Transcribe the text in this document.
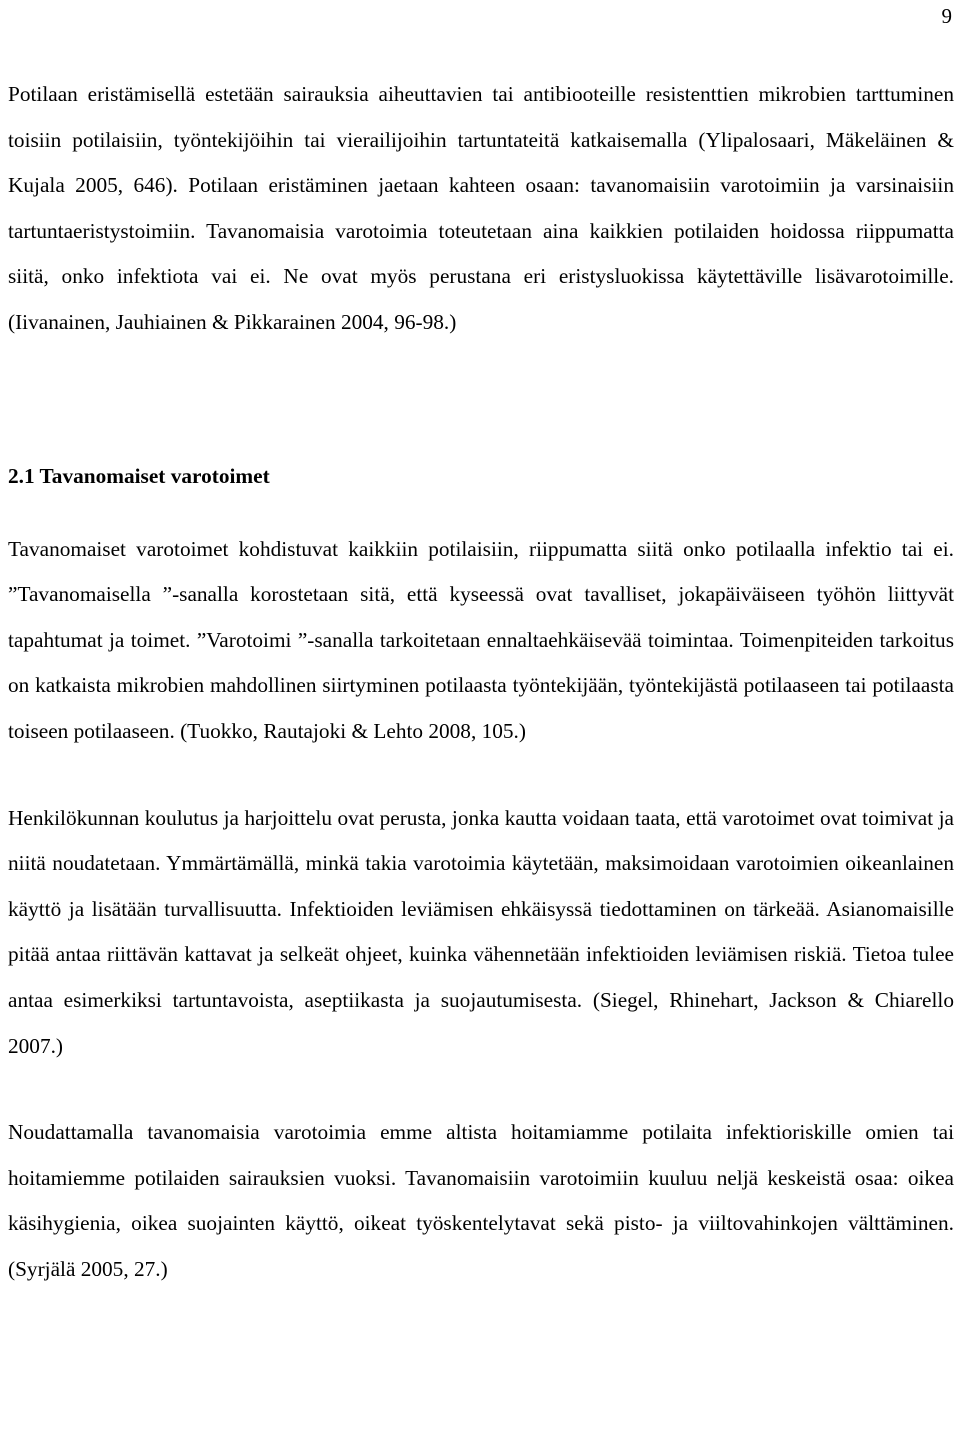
9

Potilaan eristämisellä estetään sairauksia aiheuttavien tai antibiooteille resistenttien mikrobien tarttuminen toisiin potilaisiin, työntekijöihin tai vierailijoihin tartuntateitä katkaisemalla (Ylipalosaari, Mäkeläinen & Kujala 2005, 646). Potilaan eristäminen jaetaan kahteen osaan: tavanomaisiin varotoimiin ja varsinaisiin tartuntaeristystoimiin. Tavanomaisia varotoimia toteutetaan aina kaikkien potilaiden hoidossa riippumatta siitä, onko infektiota vai ei. Ne ovat myös perustana eri eristysluokissa käytettäville lisävarotoimille. (Iivanainen, Jauhiainen & Pikkarainen 2004, 96-98.)

2.1 Tavanomaiset varotoimet

Tavanomaiset varotoimet kohdistuvat kaikkiin potilaisiin, riippumatta siitä onko potilaalla infektio tai ei. ”Tavanomaisella ”-sanalla korostetaan sitä, että kyseessä ovat tavalliset, jokapäiväiseen työhön liittyvät tapahtumat ja toimet. ”Varotoimi ”-sanalla tarkoitetaan ennaltaehkäisevää toimintaa. Toimenpiteiden tarkoitus on katkaista mikrobien mahdollinen siirtyminen potilaasta työntekijään, työntekijästä potilaaseen tai potilaasta toiseen potilaaseen. (Tuokko, Rautajoki & Lehto 2008, 105.)

Henkilökunnan koulutus ja harjoittelu ovat perusta, jonka kautta voidaan taata, että varotoimet ovat toimivat ja niitä noudatetaan. Ymmärtämällä, minkä takia varotoimia käytetään, maksimoidaan varotoimien oikeanlainen käyttö ja lisätään turvallisuutta. Infektioiden leviämisen ehkäisyssä tiedottaminen on tärkeää. Asianomaisille pitää antaa riittävän kattavat ja selkeät ohjeet, kuinka vähennetään infektioiden leviämisen riskiä. Tietoa tulee antaa esimerkiksi tartuntavoista, aseptiikasta ja suojautumisesta. (Siegel, Rhinehart, Jackson & Chiarello 2007.)

Noudattamalla tavanomaisia varotoimia emme altista hoitamiamme potilaita infektioriskille omien tai hoitamiemme potilaiden sairauksien vuoksi. Tavanomaisiin varotoimiin kuuluu neljä keskeistä osaa: oikea käsihygienia, oikea suojainten käyttö, oikeat työskentelytavat sekä pisto- ja viiltovahinkojen välttäminen. (Syrjälä 2005, 27.)
